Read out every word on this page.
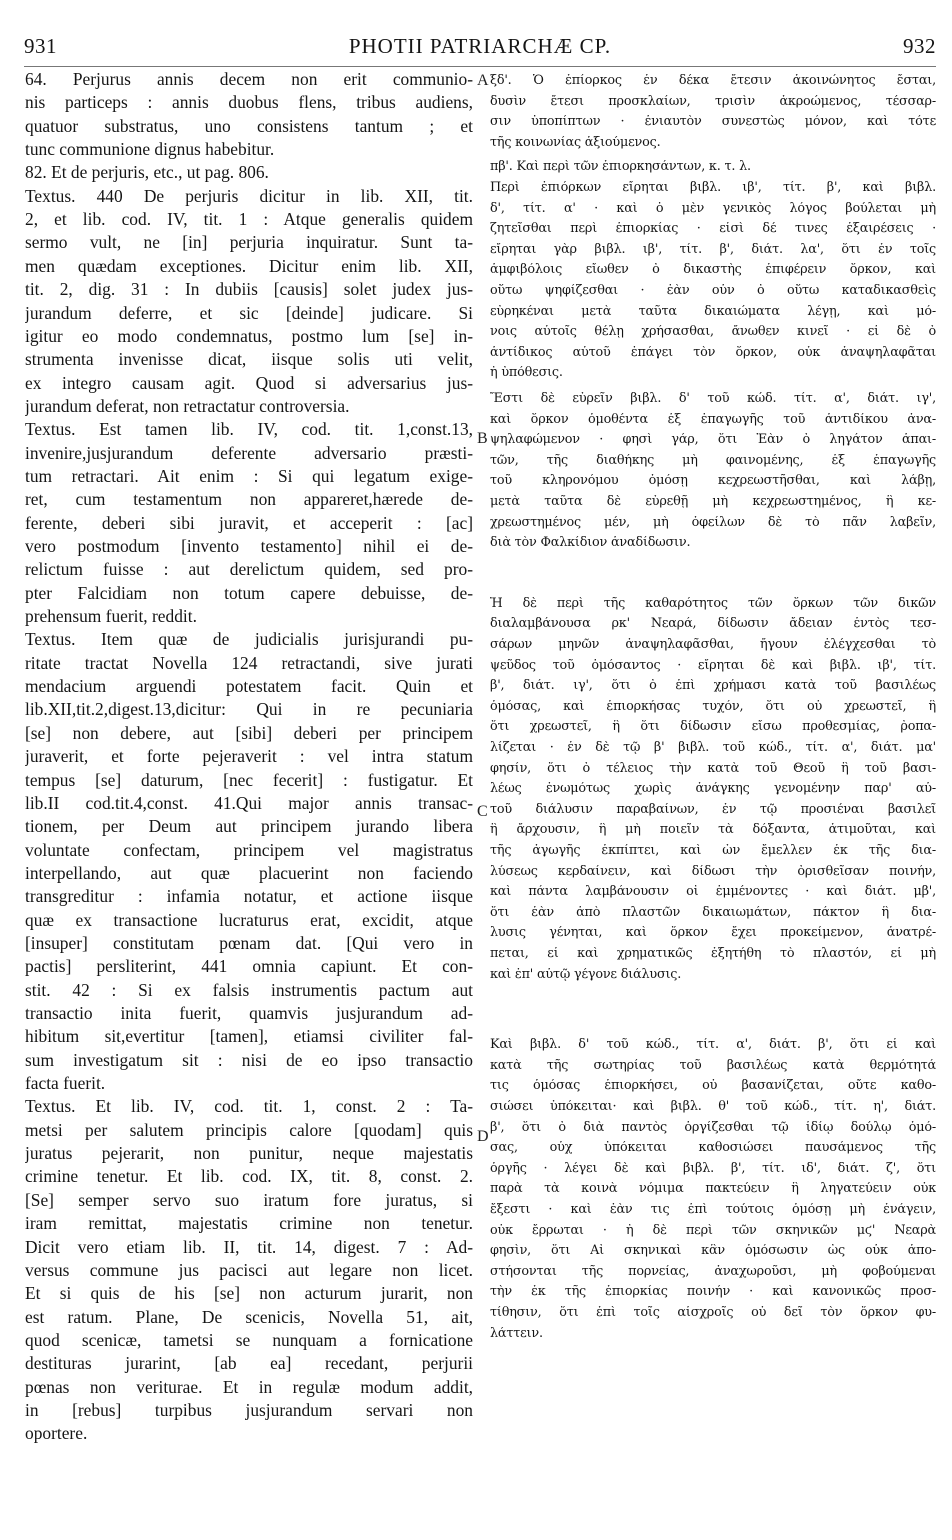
931	PHOTII PATRIARCHÆ CP.	932
64. Perjurus annis decem non erit communio-
nis particeps : annis duobus flens, tribus audiens,
quatuor substratus, uno consistens tantum ; et
tunc communione dignus habebitur.
82. Et de perjuris, etc., ut pag. 806.
Textus. 440 De perjuris dicitur in lib. XII, tit.
2, et lib. cod. IV, tit. 1 : Atque generalis quidem
sermo vult, ne [in] perjuria inquiratur. Sunt ta-
men quædam exceptiones. Dicitur enim lib. XII,
tit. 2, dig. 31 : In dubiis [causis] solet judex jus-
jurandum deferre, et sic [deinde] judicare. Si
igitur eo modo condemnatus, postmo lum [se] in-
strumenta invenisse dicat, iisque solis uti velit,
ex integro causam agit. Quod si adversarius jus-
jurandum deferat, non retractatur controversia.
Textus. Est tamen lib. IV, cod. tit. 1,const.13,
invenire,jusjurandum deferente adversario præsti-
tum retractari. Ait enim : Si qui legatum exige-
ret, cum testamentum non appareret,hærede de-
ferente, deberi sibi juravit, et acceperit : [ac]
vero postmodum [invento testamento] nihil ei de-
relictum fuisse : aut derelictum quidem, sed pro-
pter Falcidiam non totum capere debuisse, de-
prehensum fuerit, reddit.
Textus. Item quæ de judicialis jurisjurandi pu-
ritate tractat Novella 124 retractandi, sive jurati
mendacium arguendi potestatem facit. Quin et
lib.XII,tit.2,digest.13,dicitur: Qui in re pecuniaria
[se] non debere, aut [sibi] deberi per principem
juraverit, et forte pejeraverit : vel intra statum
tempus [se] daturum, [nec fecerit] : fustigatur. Et
lib.II cod.tit.4,const. 41.Qui major annis transac-
tionem, per Deum aut principem jurando libera
voluntate confectam, principem vel magistratus
interpellando, aut quæ placuerint non faciendo
transgreditur : infamia notatur, et actione iisque
quæ ex transactione lucraturus erat, excidit, atque
[insuper] constitutam pœnam dat. [Qui vero in
pactis] persliterint, 441 omnia capiunt. Et con-
stit. 42 : Si ex falsis instrumentis pactum aut
transactio inita fuerit, quamvis jusjurandum ad-
hibitum sit,evertitur [tamen], etiamsi civiliter fal-
sum investigatum sit : nisi de eo ipso transactio
facta fuerit.
Textus. Et lib. IV, cod. tit. 1, const. 2 : Ta-
metsi per salutem principis calore [quodam] quis
juratus pejerarit, non punitur, neque majestatis
crimine tenetur. Et lib. cod. IX, tit. 8, const. 2.
[Se] semper servo suo iratum fore juratus, si
iram remittat, majestatis crimine non tenetur.
Dicit vero etiam lib. II, tit. 14, digest. 7 : Ad-
versus commune jus pacisci aut legare non licet.
Et si quis de his [se] non acturum jurarit, non
est ratum. Plane, De scenicis, Novella 51, ait,
quod scenicæ, tametsi se nunquam a fornicatione
destituras jurarint, [ab ea] recedant, perjurii
pœnas non veriturae. Et in regulæ modum addit,
in [rebus] turpibus jusjurandum servari non
oportere.
ξδ'. Ὁ ἐπίορκος ἐν δέκα ἔτεσιν ἀκοινώνητος ἔσται,
δυσὶν ἔτεσι προσκλαίων, τρισὶν ἀκροώμενος, τέσσαρ-
σιν ὑποπίπτων · ἐνιαυτὸν συνεστὼς μόνον, καὶ τότε
τῆς κοινωνίας ἀξιούμενος.
πβ'. Καὶ περὶ τῶν ἐπιορκησάντων, κ. τ. λ.
Περὶ ἐπιόρκων εἴρηται βιβλ. ιβ', τίτ. β', καὶ βιβλ.
δ', τίτ. α' · καὶ ὁ μὲν γενικὸς λόγος βούλεται μὴ
ζητεῖσθαι περὶ ἐπιορκίας · εἰσὶ δέ τινες ἐξαιρέσεις ·
εἴρηται γὰρ βιβλ. ιβ', τίτ. β', διάτ. λα', ὅτι ἐν τοῖς
ἀμφιβόλοις εἴωθεν ὁ δικαστὴς ἐπιφέρειν ὅρκον, καὶ
οὕτω ψηφίζεσθαι · ἐὰν οὖν ὁ οὕτω καταδικασθεὶς
εὑρηκέναι μετὰ ταῦτα δικαιώματα λέγῃ, καὶ μό-
νοις αὐτοῖς θέλῃ χρήσασθαι, ἄνωθεν κινεῖ · εἰ δὲ ὁ
ἀντίδικος αὐτοῦ ἐπάγει τὸν ὅρκον, οὐκ ἀναψηλαφᾶται
ἡ ὑπόθεσις.
Ἔστι δὲ εὑρεῖν βιβλ. δ' τοῦ κώδ. τίτ. α', διάτ. ιγ',
καὶ ὅρκον ὀμοθέντα ἐξ ἐπαγωγῆς τοῦ ἀντιδίκου ἀνα-
ψηλαφώμενον · φησὶ γάρ, ὅτι Ἐὰν ὁ ληγάτον ἀπαι-
τῶν, τῆς διαθήκης μὴ φαινομένης, ἐξ ἐπαγωγῆς
τοῦ κληρονόμου ὀμόσῃ κεχρεωστῆσθαι, καὶ λάβῃ,
μετὰ ταῦτα δὲ εὑρεθῇ μὴ κεχρεωστημένος, ἢ κε-
χρεωστημένος μέν, μὴ ὀφείλων δὲ τὸ πᾶν λαβεῖν,
διὰ τὸν Φαλκίδιον ἀναδίδωσιν.
Ἡ δὲ περὶ τῆς καθαρότητος τῶν ὅρκων τῶν δικῶν
διαλαμβάνουσα ρκ' Νεαρά, δίδωσιν ἄδειαν ἐντὸς τεσ-
σάρων μηνῶν ἀναψηλαφᾶσθαι, ἤγουν ἐλέγχεσθαι τὸ
ψεῦδος τοῦ ὀμόσαντος · εἴρηται δὲ καὶ βιβλ. ιβ', τίτ.
β', διάτ. ιγ', ὅτι ὁ ἐπὶ χρήμασι κατὰ τοῦ βασιλέως
ὀμόσας, καὶ ἐπιορκήσας τυχόν, ὅτι οὐ χρεωστεῖ, ἢ
ὅτι χρεωστεῖ, ἢ ὅτι δίδωσιν εἴσω προθεσμίας, ῥοπα-
λίζεται · ἐν δὲ τῷ β' βιβλ. τοῦ κώδ., τίτ. α', διάτ. μα'
φησίν, ὅτι ὁ τέλειος τὴν κατὰ τοῦ Θεοῦ ἢ τοῦ βασι-
λέως ἐνωμότως χωρὶς ἀνάγκης γενομένην παρ' αὐ-
τοῦ διάλυσιν παραβαίνων, ἐν τῷ προσιέναι βασιλεῖ
ἢ ἄρχουσιν, ἢ μὴ ποιεῖν τὰ δόξαντα, ἀτιμοῦται, καὶ
τῆς ἀγωγῆς ἐκπίπτει, καὶ ὧν ἔμελλεν ἐκ τῆς δια-
λύσεως κερδαίνειν, καὶ δίδωσι τὴν ὁρισθεῖσαν ποινήν,
καὶ πάντα λαμβάνουσιν οἱ ἐμμένοντες · καὶ διάτ. μβ',
ὅτι ἐὰν ἀπὸ πλαστῶν δικαιωμάτων, πάκτον ἢ δια-
λυσις γένηται, καὶ ὅρκον ἔχει προκείμενον, ἀνατρέ-
πεται, εἰ καὶ χρηματικῶς ἐξητήθη τὸ πλαστόν, εἰ μὴ
καὶ ἐπ' αὐτῷ γέγονε διάλυσις.
Καὶ βιβλ. δ' τοῦ κώδ., τίτ. α', διάτ. β', ὅτι εἰ καὶ
κατὰ τῆς σωτηρίας τοῦ βασιλέως κατὰ θερμότητά
τις ὀμόσας ἐπιορκήσει, οὐ βασανίζεται, οὔτε καθο-
σιώσει ὑπόκειται· καὶ βιβλ. θ' τοῦ κώδ., τίτ. η', διάτ.
β', ὅτι ὁ διὰ παντὸς ὀργίζεσθαι τῷ ἰδίῳ δούλῳ ὀμό-
σας, οὐχ ὑπόκειται καθοσιώσει παυσάμενος τῆς
ὀργῆς · λέγει δὲ καὶ βιβλ. β', τίτ. ιδ', διάτ. ζ', ὅτι
παρὰ τὰ κοινὰ νόμιμα πακτεύειν ἢ ληγατεύειν οὐκ
ἔξεστι · καὶ ἐὰν τις ἐπὶ τούτοις ὀμόσῃ μὴ ἐνάγειν,
οὐκ ἔρρωται · ἡ δὲ περὶ τῶν σκηνικῶν μϛ' Νεαρὰ
φησὶν, ὅτι Αἱ σκηνικαὶ κἂν ὀμόσωσιν ὡς οὐκ ἀπο-
στήσονται τῆς πορνείας, ἀναχωροῦσι, μὴ φοβούμεναι
τὴν ἐκ τῆς ἐπιορκίας ποινήν · καὶ κανονικῶς προσ-
τίθησιν, ὅτι ἐπὶ τοῖς αἰσχροῖς οὐ δεῖ τὸν ὅρκον φυ-
λάττειν.
A
B
C
D
